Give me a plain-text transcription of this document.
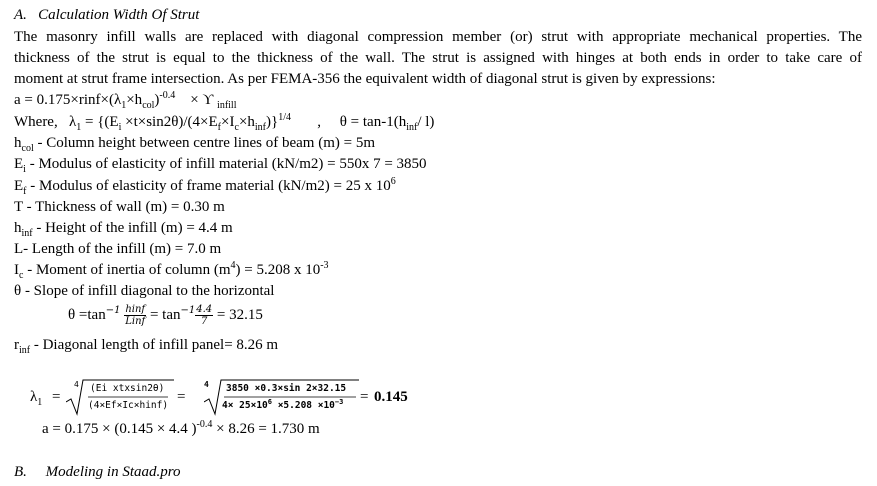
A. Calculation Width Of Strut
The masonry infill walls are replaced with diagonal compression member (or) strut with appropriate mechanical properties. The
thickness of the strut is equal to the thickness of the wall. The strut is assigned with hinges at both ends in order to take care of
moment at strut frame intersection. As per FEMA-356 the equivalent width of diagonal strut is given by expressions:
$a = 0.175\times rinf\times(\lambda_1\times h_{col})^{-0.4} \times ϒ$ $_{infill}$
Where, $\lambda_1 = \{(E_i \times t\times\sin 2\theta)/(4\times E_f\times I_c\times h_{inf})\}^{1/4}$ , $\theta = \tan-1(h_{inf}/$ l)
$h_{col}$ - Column height between centre lines of beam (m) = 5m
$E_i$ - Modulus of elasticity of infill material (kN/m2) = 550x 7 = 3850
$E_f$ - Modulus of elasticity of frame material (kN/m2) = 25 x $10^6$
T - Thickness of wall (m) = 0.30 m
$h_{inf}$ - Height of the infill (m) = 4.4 m
L- Length of the infill (m) = 7.0 m
$I_c$ - Moment of inertia of column $(m^4) = 5.208$ x $10^{-3}$
θ - Slope of infill diagonal to the horizontal
$\theta =\tan^{-1} \frac{\text{hinf}}{\text{Linf}} = \tan^{-1} \frac{4.4}{7} = 32.15$
$r_{inf}$ - Diagonal length of infill panel= 8.26 m
$\lambda_1$ =
4 (Ei xtxsin2θ)
(4×Ef×Ic×hinf)
=
4 3850 ×0.3×sin 2×32.15
$4\times 25\times 10^6 \times 5.208 \times 10^{-3} = 0.145$
a = 0.175 × (0.145 × 4.4 )$^{-0.4}$ × 8.26 = 1.730 m
B. Modeling in Staad.pro
